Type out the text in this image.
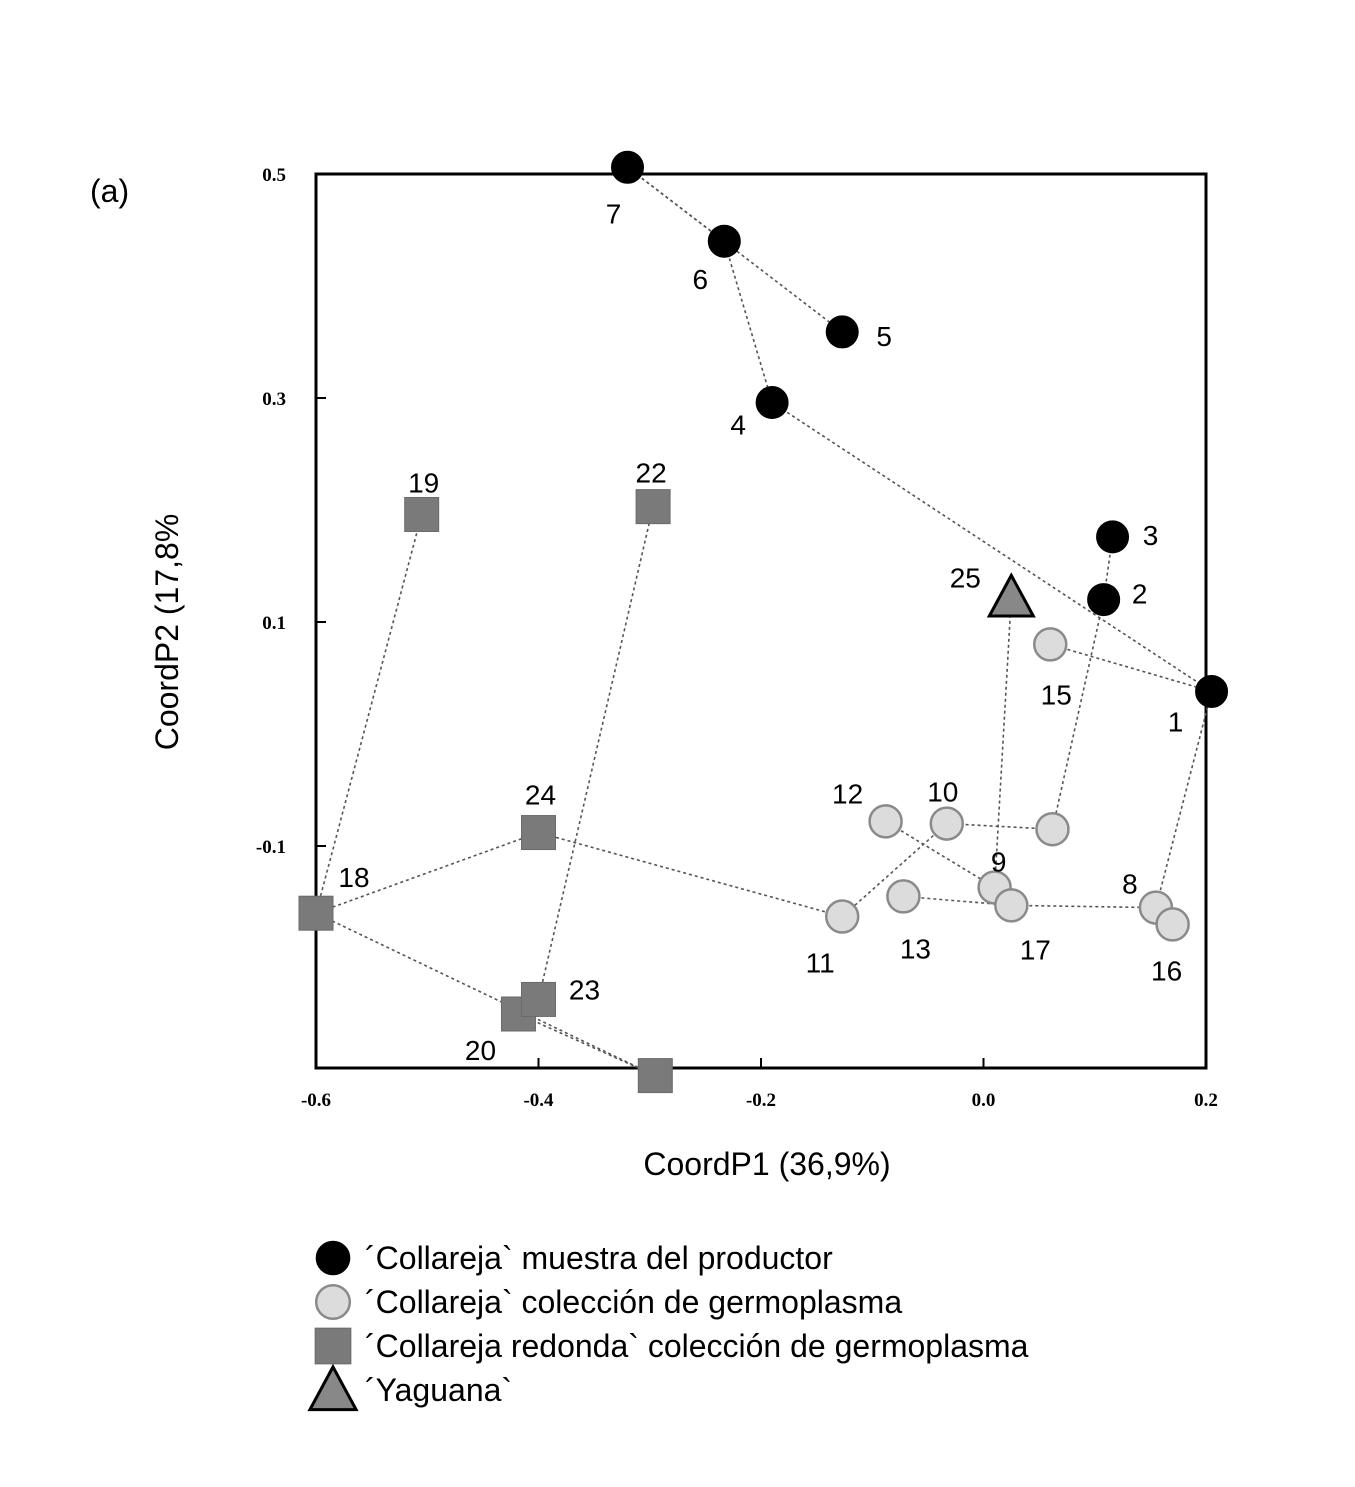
(a)
-0.6	-0.4	-0.2	0.0	0.2
0.5
0.3
0.1
-0.1
1
2
3
4
5
6
7
8
9
10
11
12
13
15
16
17
18
19
20
22
23
24
25
CoordP1 (36,9%)
CoordP2 (17,8%
´Collareja` muestra del productor
´Collareja` colección de germoplasma
´Collareja redonda` colección de germoplasma
´Yaguana`
